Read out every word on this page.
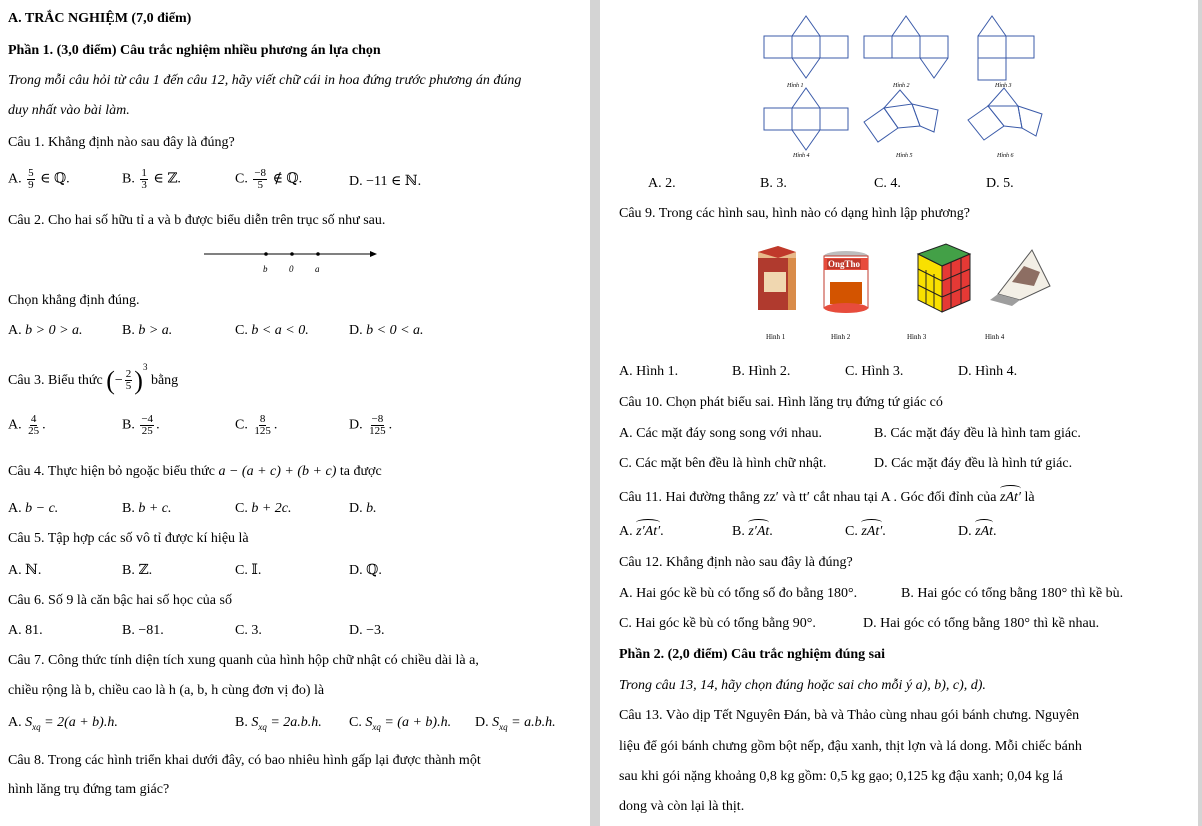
A. TRẮC NGHIỆM (7,0 điểm)
Phần 1. (3,0 điểm) Câu trắc nghiệm nhiều phương án lựa chọn
Trong mỗi câu hỏi từ câu 1 đến câu 12, hãy viết chữ cái in hoa đứng trước phương án đúng
duy nhất vào bài làm.
Câu 1. Khẳng định nào sau đây là đúng?
A. $\frac{5}{9}$ ∈ ℚ.	B. $\frac{1}{3}$ ∈ ℤ.	C. $\frac{-8}{5}$ ∉ ℚ.	D. −11 ∈ ℕ.
Câu 2. Cho hai số hữu tỉ a và b được biểu diễn trên trục số như sau.
b 0 a
Chọn khẳng định đúng.
A. b > 0 > a.	B. b > a.	C. b < a < 0.	D. b < 0 < a.
Câu 3. Biểu thức (− $\frac{2}{5} )^3$ bằng
A. $\frac{4}{25}$ .	B. $\frac{-4}{25}$ .	C. $\frac{8}{125}$ .	D. $\frac{-8}{125}$ .
Câu 4. Thực hiện bỏ ngoặc biểu thức a − (a + c) + (b + c) ta được
A. b − c.	B. b + c.	C. b + 2c.	D. b.
Câu 5. Tập hợp các số vô tỉ được kí hiệu là
A. ℕ.	B. ℤ.	C. 𝕀.	D. ℚ.
Câu 6. Số 9 là căn bậc hai số học của số
A. 81.	B. −81.	C. 3.	D. −3.
Câu 7. Công thức tính diện tích xung quanh của hình hộp chữ nhật có chiều dài là a,
chiều rộng là b, chiều cao là h (a, b, h cùng đơn vị đo) là
A. $S_{xq} = 2(a + b).h$.	B. $S_{xq} = 2a.b.h$. C. $S_{xq} = (a + b).h$. D. $S_{xq} = a.b.h$.
Câu 8. Trong các hình triển khai dưới đây, có bao nhiêu hình gấp lại được thành một
hình lăng trụ đứng tam giác?
Hình 1	Hình 2	Hình 3
Hình 4	Hình 5	Hình 6
A. 2.	B. 3.	C. 4.	D. 5.
Câu 9. Trong các hình sau, hình nào có dạng hình lập phương?
OngTho
Hình 1	Hình 2	Hình 3	Hình 4
A. Hình 1.	B. Hình 2.	C. Hình 3.	D. Hình 4.
Câu 10. Chọn phát biểu sai. Hình lăng trụ đứng tứ giác có
A. Các mặt đáy song song với nhau.	B. Các mặt đáy đều là hình tam giác.
C. Các mặt bên đều là hình chữ nhật.	D. Các mặt đáy đều là hình tứ giác.
Câu 11. Hai đường thẳng zz′ và tt′ cắt nhau tại A . Góc đối đỉnh của zAt′ là
A. z′At′.	B. z′At.	C. zAt′.	D. zAt.
Câu 12. Khẳng định nào sau đây là đúng?
A. Hai góc kề bù có tổng số đo bằng 180°.	B. Hai góc có tổng bằng 180° thì kề bù.
C. Hai góc kề bù có tổng bằng 90°.	D. Hai góc có tổng bằng 180° thì kề nhau.
Phần 2. (2,0 điểm) Câu trắc nghiệm đúng sai
Trong câu 13, 14, hãy chọn đúng hoặc sai cho mỗi ý a), b), c), d).
Câu 13. Vào dịp Tết Nguyên Đán, bà và Thảo cùng nhau gói bánh chưng. Nguyên
liệu để gói bánh chưng gồm bột nếp, đậu xanh, thịt lợn và lá dong. Mỗi chiếc bánh
sau khi gói nặng khoảng 0,8 kg gồm: 0,5 kg gạo; 0,125 kg đậu xanh; 0,04 kg lá
dong và còn lại là thịt.
